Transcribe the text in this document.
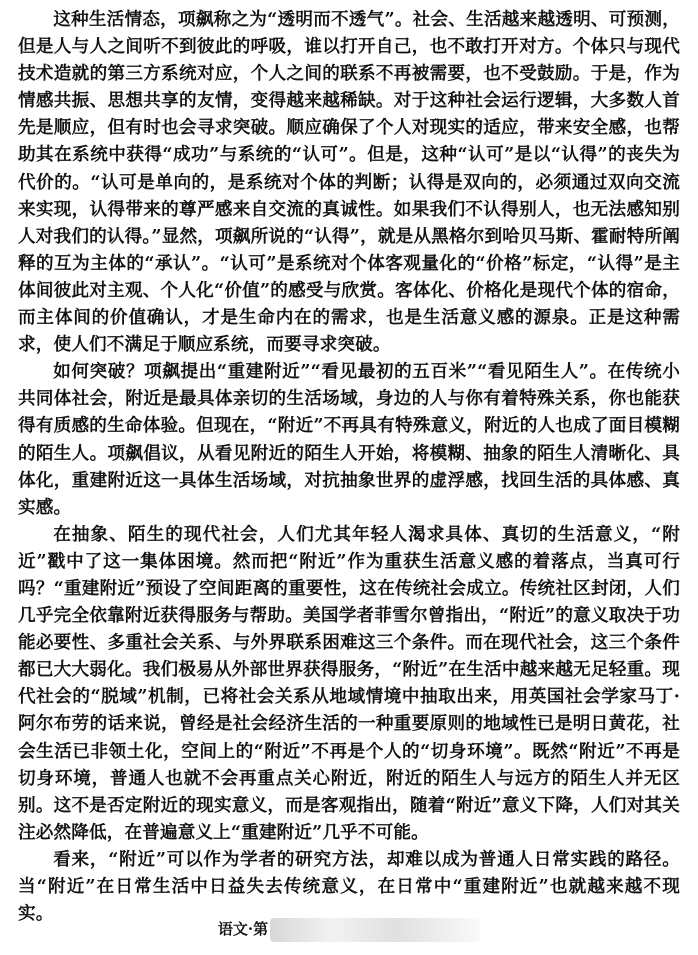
这种生活情态，项飙称之为“透明而不透气”。社会、生活越来越透明、可预测，但是人与人之间听不到彼此的呼吸，谁以打开自己，也不敢打开对方。个体只与现代技术造就的第三方系统对应，个人之间的联系不再被需要，也不受鼓励。于是，作为情感共振、思想共享的友情，变得越来越稀缺。对于这种社会运行逻辑，大多数人首先是顺应，但有时也会寻求突破。顺应确保了个人对现实的适应，带来安全感，也帮助其在系统中获得“成功”与系统的“认可”。但是，这种“认可”是以“认得”的丧失为代价的。“认可是单向的，是系统对个体的判断；认得是双向的，必须通过双向交流来实现，认得带来的尊严感来自交流的真诚性。如果我们不认得别人，也无法感知别人对我们的认得。”显然，项飙所说的“认得”，就是从黑格尔到哈贝马斯、霍耐特所阐释的互为主体的“承认”。“认可”是系统对个体客观量化的“价格”标定，“认得”是主体间彼此对主观、个人化“价值”的感受与欣赏。客体化、价格化是现代个体的宿命，而主体间的价值确认，才是生命内在的需求，也是生活意义感的源泉。正是这种需求，使人们不满足于顺应系统，而要寻求突破。

如何突破？项飙提出“重建附近”“看见最初的五百米”“看见陌生人”。在传统小共同体社会，附近是最具体亲切的生活场域，身边的人与你有着特殊关系，你也能获得有质感的生命体验。但现在，“附近”不再具有特殊意义，附近的人也成了面目模糊的陌生人。项飙倡议，从看见附近的陌生人开始，将模糊、抽象的陌生人清晰化、具体化，重建附近这一具体生活场域，对抗抽象世界的虚浮感，找回生活的具体感、真实感。

在抽象、陌生的现代社会，人们尤其年轻人渴求具体、真切的生活意义，“附近”戳中了这一集体困境。然而把“附近”作为重获生活意义感的着落点，当真可行吗？“重建附近”预设了空间距离的重要性，这在传统社会成立。传统社区封闭，人们几乎完全依靠附近获得服务与帮助。美国学者菲雪尔曾指出，“附近”的意义取决于功能必要性、多重社会关系、与外界联系困难这三个条件。而在现代社会，这三个条件都已大大弱化。我们极易从外部世界获得服务，“附近”在生活中越来越无足轻重。现代社会的“脱域”机制，已将社会关系从地域情境中抽取出来，用英国社会学家马丁·阿尔布劳的话来说，曾经是社会经济生活的一种重要原则的地域性已是明日黄花，社会生活已非领土化，空间上的“附近”不再是个人的“切身环境”。既然“附近”不再是切身环境，普通人也就不会再重点关心附近，附近的陌生人与远方的陌生人并无区别。这不是否定附近的现实意义，而是客观指出，随着“附近”意义下降，人们对其关注必然降低，在普遍意义上“重建附近”几乎不可能。

看来，“附近”可以作为学者的研究方法，却难以成为普通人日常实践的路径。当“附近”在日常生活中日益失去传统意义，在日常中“重建附近”也就越来越不现实。

语文·第
